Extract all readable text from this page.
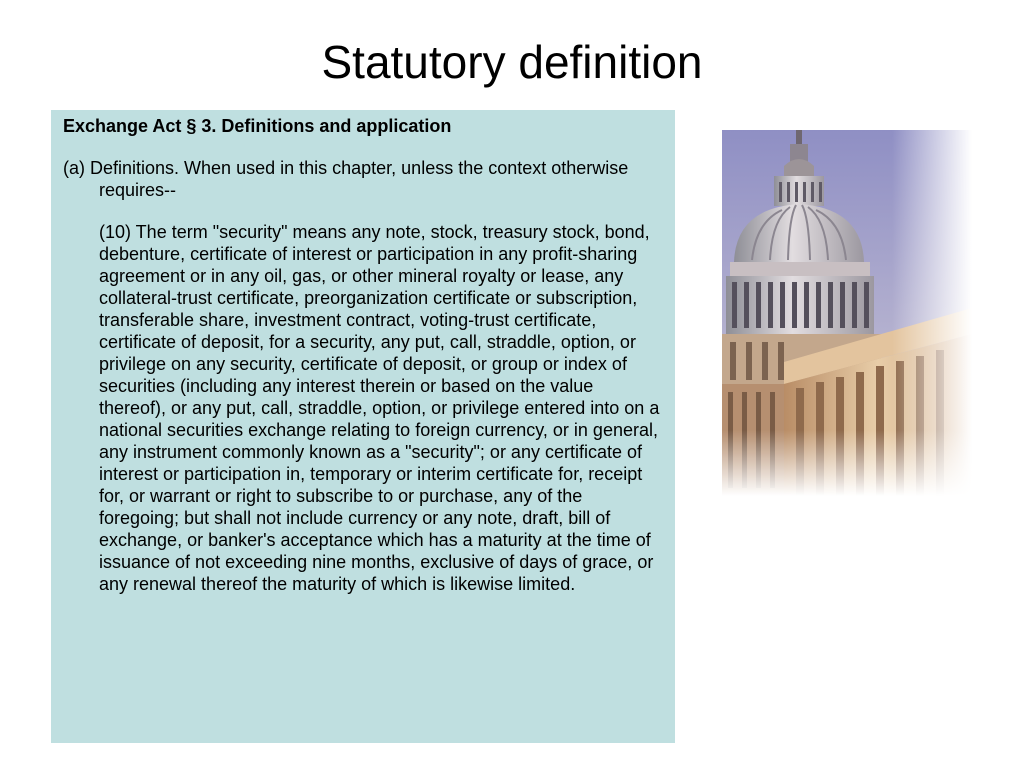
Statutory definition

Exchange Act § 3. Definitions and application

(a) Definitions. When used in this chapter, unless the context otherwise requires--

(10) The term "security" means any note, stock, treasury stock, bond, debenture, certificate of interest or participation in any profit-sharing agreement or in any oil, gas, or other mineral royalty or lease, any collateral-trust certificate, preorganization certificate or subscription, transferable share, investment contract, voting-trust certificate, certificate of deposit, for a security, any put, call, straddle, option, or privilege on any security, certificate of deposit, or group or index of securities (including any interest therein or based on the value thereof), or any put, call, straddle, option, or privilege entered into on a national securities exchange relating to foreign currency, or in general, any instrument commonly known as a "security"; or any certificate of interest or participation in, temporary or interim certificate for, receipt for, or warrant or right to subscribe to or purchase, any of the foregoing; but shall not include currency or any note, draft, bill of exchange, or banker's acceptance which has a maturity at the time of issuance of not exceeding nine months, exclusive of days of grace, or any renewal thereof the maturity of which is likewise limited.
